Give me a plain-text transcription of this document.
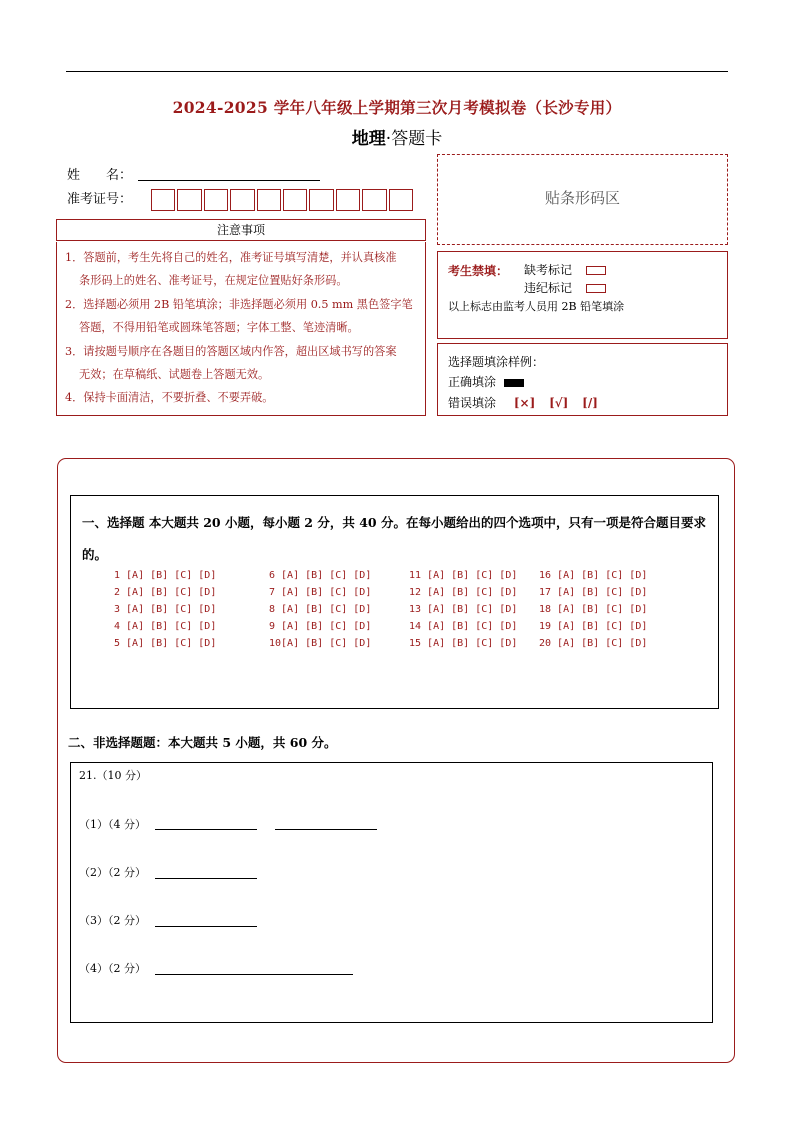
2024-2025 学年八年级上学期第三次月考模拟卷（长沙专用）
地理·答题卡
姓　　名：
准考证号：
注意事项
1．答题前，考生先将自己的姓名，准考证号填写清楚，并认真核准
条形码上的姓名、准考证号，在规定位置贴好条形码。
2．选择题必须用 2B 铅笔填涂；非选择题必须用 0.5 mm 黑色签字笔
答题，不得用铅笔或圆珠笔答题；字体工整、笔迹清晰。
3．请按题号顺序在各题目的答题区域内作答，超出区域书写的答案
无效；在草稿纸、试题卷上答题无效。
4．保持卡面清洁，不要折叠、不要弄破。
贴条形码区
考生禁填： 缺考标记
违纪标记
以上标志由监考人员用 2B 铅笔填涂
选择题填涂样例：
正确填涂
错误填涂 [×] [√] [/]
一、选择题 本大题共 20 小题，每小题 2 分，共 40 分。在每小题给出的四个选项中，只有一项是符合题目要求的。
1 [A] [B] [C] [D]
2 [A] [B] [C] [D]
3 [A] [B] [C] [D]
4 [A] [B] [C] [D]
5 [A] [B] [C] [D]
6 [A] [B] [C] [D]
7 [A] [B] [C] [D]
8 [A] [B] [C] [D]
9 [A] [B] [C] [D]
10[A] [B] [C] [D]
11 [A] [B] [C] [D]
12 [A] [B] [C] [D]
13 [A] [B] [C] [D]
14 [A] [B] [C] [D]
15 [A] [B] [C] [D]
16 [A] [B] [C] [D]
17 [A] [B] [C] [D]
18 [A] [B] [C] [D]
19 [A] [B] [C] [D]
20 [A] [B] [C] [D]
二、非选择题题：本大题共 5 小题，共 60 分。
21.（10 分）
（1）（4 分）
（2）（2 分）
（3）（2 分）
（4）（2 分）
